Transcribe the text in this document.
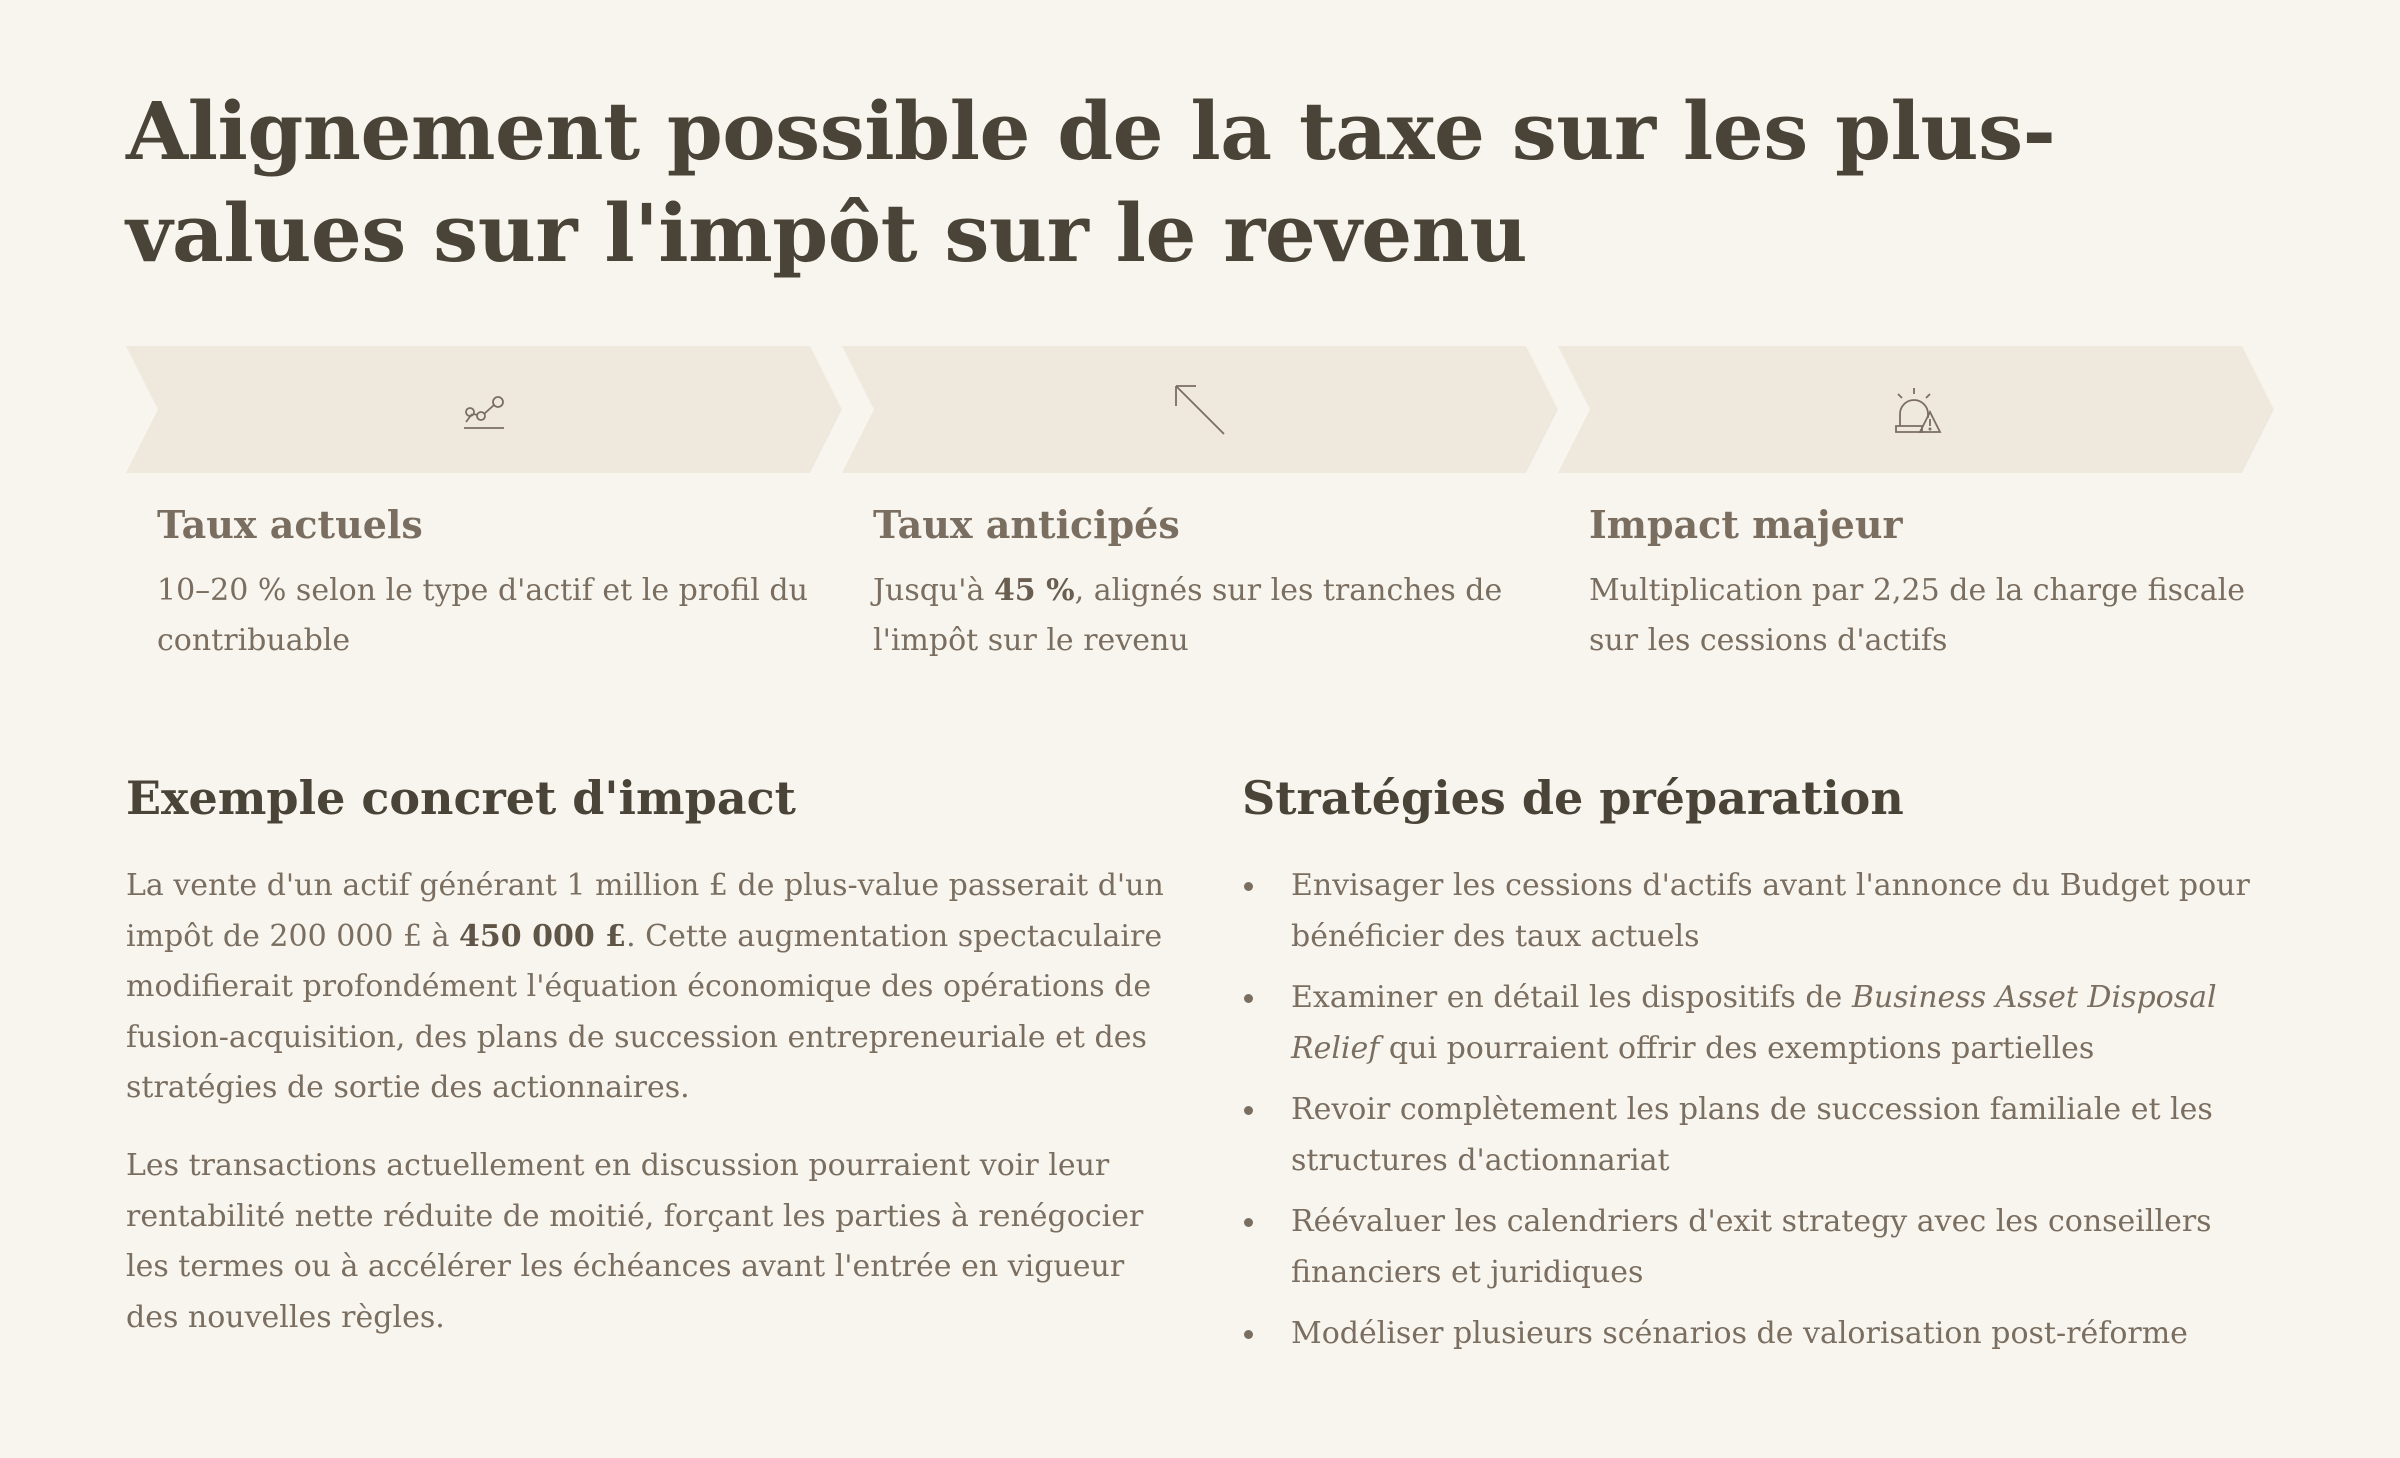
Alignement possible de la taxe sur les plus-values sur l'impôt sur le revenu
Taux actuels
10–20 % selon le type d'actif et le profil du contribuable
Taux anticipés
Jusqu'à 45 %, alignés sur les tranches de l'impôt sur le revenu
Impact majeur
Multiplication par 2,25 de la charge fiscale sur les cessions d'actifs
Exemple concret d'impact

La vente d'un actif générant 1 million £ de plus-value passerait d'un impôt de 200 000 £ à 450 000 £. Cette augmentation spectaculaire modifierait profondément l'équation économique des opérations de fusion-acquisition, des plans de succession entrepreneuriale et des stratégies de sortie des actionnaires.

Les transactions actuellement en discussion pourraient voir leur rentabilité nette réduite de moitié, forçant les parties à renégocier les termes ou à accélérer les échéances avant l'entrée en vigueur des nouvelles règles.

Stratégies de préparation
Envisager les cessions d'actifs avant l'annonce du Budget pour bénéficier des taux actuels
Examiner en détail les dispositifs de Business Asset Disposal Relief qui pourraient offrir des exemptions partielles
Revoir complètement les plans de succession familiale et les structures d'actionnariat
Réévaluer les calendriers d'exit strategy avec les conseillers financiers et juridiques
Modéliser plusieurs scénarios de valorisation post-réforme
